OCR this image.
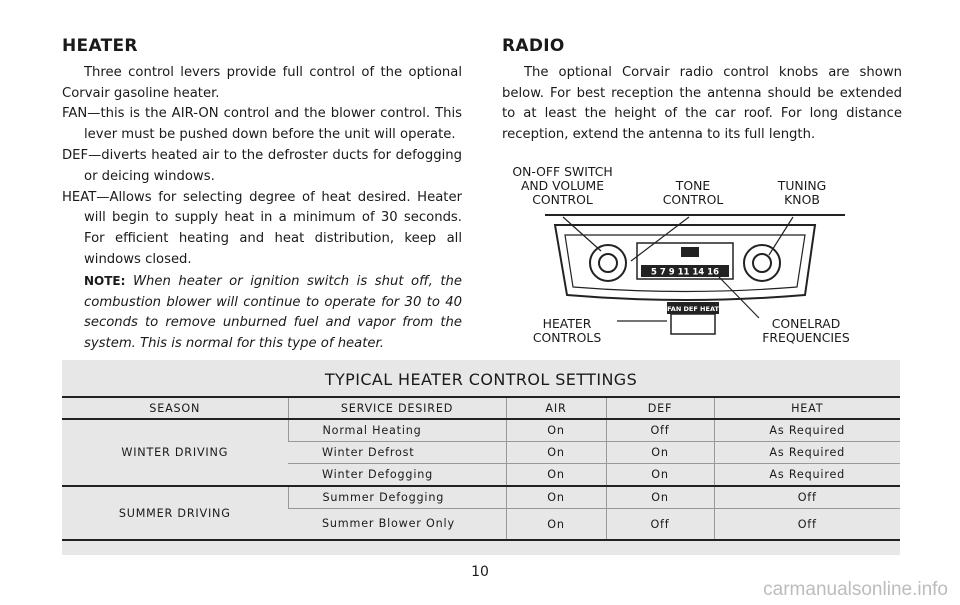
HEATER

Three control levers provide full control of the optional Corvair gasoline heater.

FAN—this is the AIR-ON control and the blower control. This lever must be pushed down before the unit will operate.

DEF—diverts heated air to the defroster ducts for defogging or deicing windows.

HEAT—Allows for selecting degree of heat desired. Heater will begin to supply heat in a minimum of 30 seconds. For efficient heating and heat distribution, keep all windows closed.

NOTE: When heater or ignition switch is shut off, the combustion blower will continue to operate for 30 to 40 seconds to remove unburned fuel and vapor from the system. This is normal for this type of heater.

RADIO

The optional Corvair radio control knobs are shown below. For best reception the antenna should be extended to at least the height of the car roof. For long distance reception, extend the antenna to its full length.

5 7 9 11 14 16
FAN DEF HEAT
ON-OFF SWITCH AND VOLUME CONTROL
TONE CONTROL
TUNING KNOB
HEATER CONTROLS
CONELRAD FREQUENCIES
TYPICAL HEATER CONTROL SETTINGS
SEASON	SERVICE DESIRED	AIR	DEF	HEAT
WINTER DRIVING	Normal Heating	On	Off	As Required
	Winter Defrost	On	On	As Required
	Winter Defogging	On	On	As Required
SUMMER DRIVING	Summer Defogging	On	On	Off
	Summer Blower Only	On	Off	Off
10
carmanualsonline.info
